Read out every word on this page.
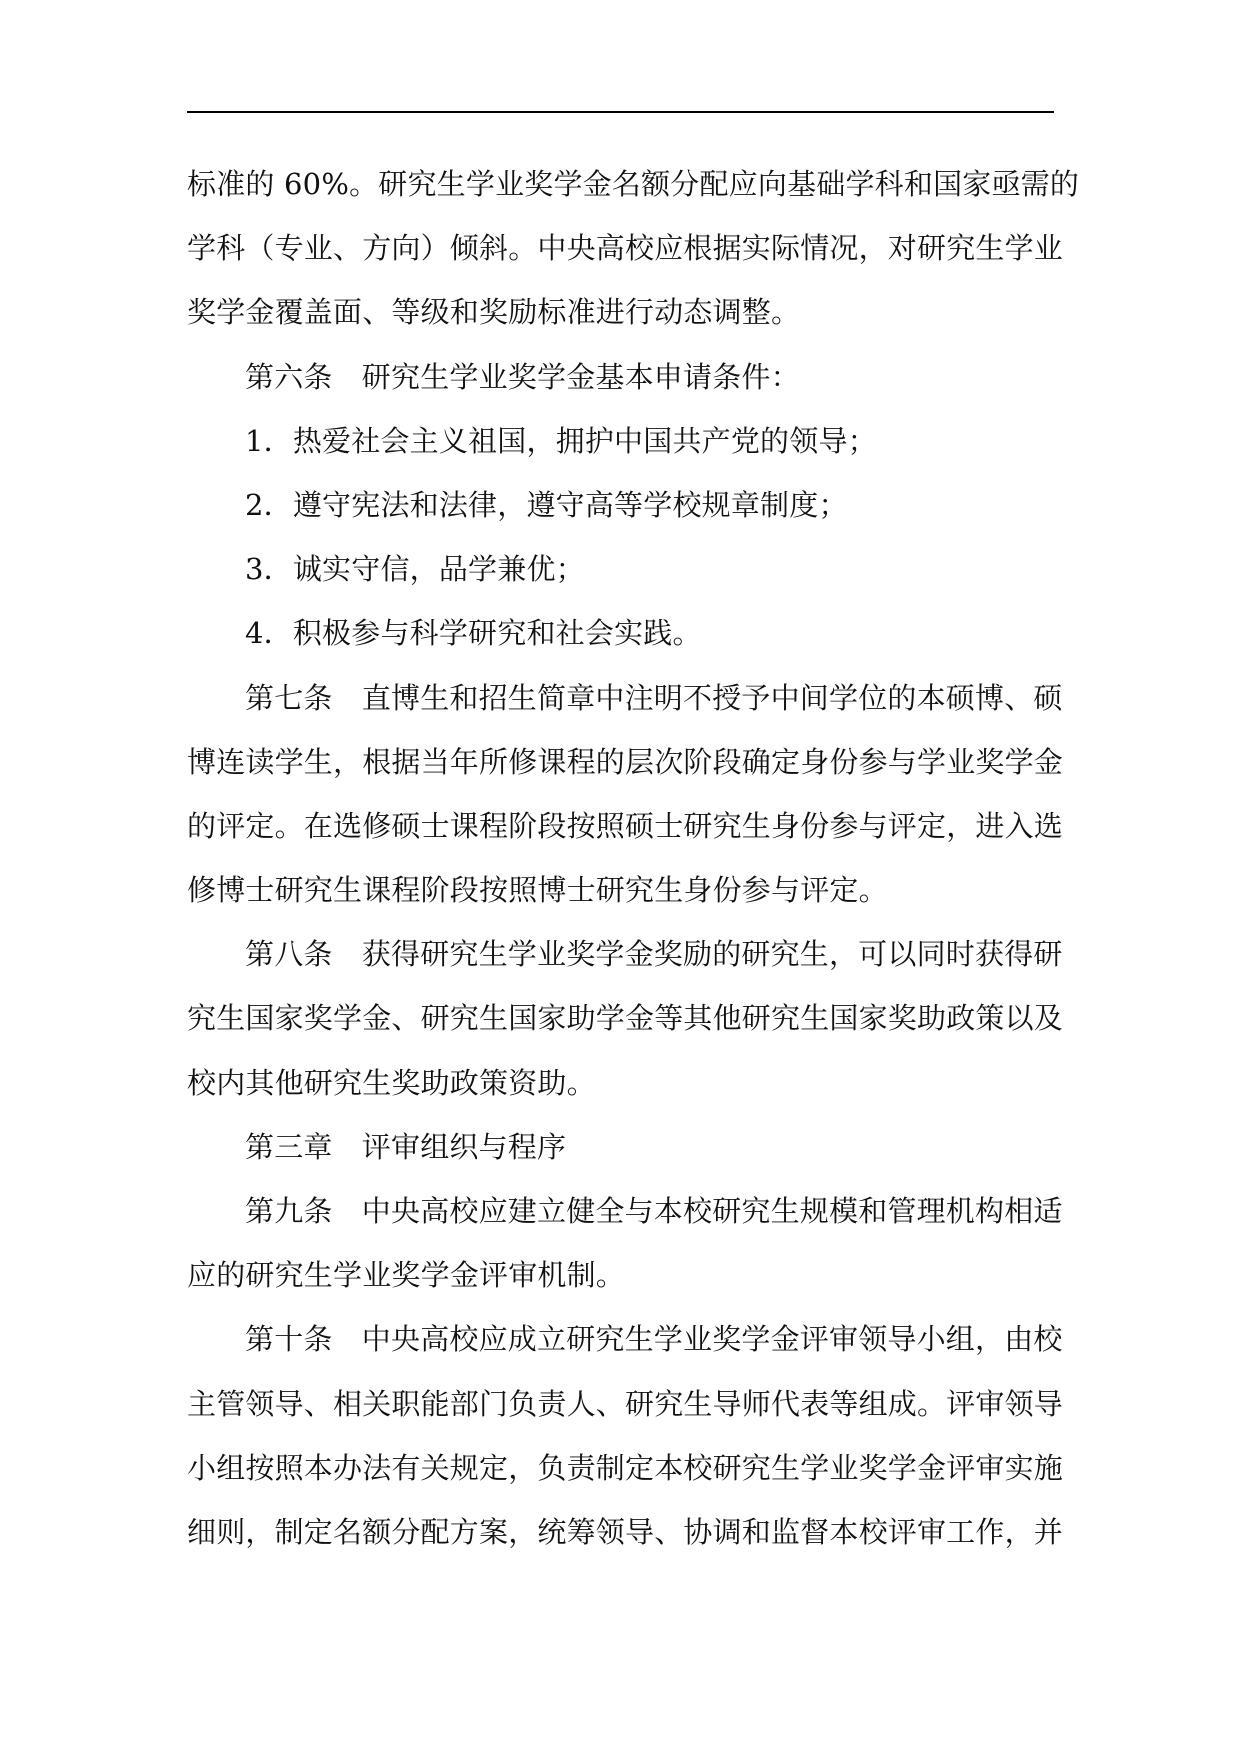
标准的 60%。研究生学业奖学金名额分配应向基础学科和国家亟需的
学科（专业、方向）倾斜。中央高校应根据实际情况，对研究生学业
奖学金覆盖面、等级和奖励标准进行动态调整。
第六条　研究生学业奖学金基本申请条件：
1．热爱社会主义祖国，拥护中国共产党的领导；
2．遵守宪法和法律，遵守高等学校规章制度；
3．诚实守信，品学兼优；
4．积极参与科学研究和社会实践。
第七条　直博生和招生简章中注明不授予中间学位的本硕博、硕
博连读学生，根据当年所修课程的层次阶段确定身份参与学业奖学金
的评定。在选修硕士课程阶段按照硕士研究生身份参与评定，进入选
修博士研究生课程阶段按照博士研究生身份参与评定。
第八条　获得研究生学业奖学金奖励的研究生，可以同时获得研
究生国家奖学金、研究生国家助学金等其他研究生国家奖助政策以及
校内其他研究生奖助政策资助。
第三章　评审组织与程序
第九条　中央高校应建立健全与本校研究生规模和管理机构相适
应的研究生学业奖学金评审机制。
第十条　中央高校应成立研究生学业奖学金评审领导小组，由校
主管领导、相关职能部门负责人、研究生导师代表等组成。评审领导
小组按照本办法有关规定，负责制定本校研究生学业奖学金评审实施
细则，制定名额分配方案，统筹领导、协调和监督本校评审工作，并
